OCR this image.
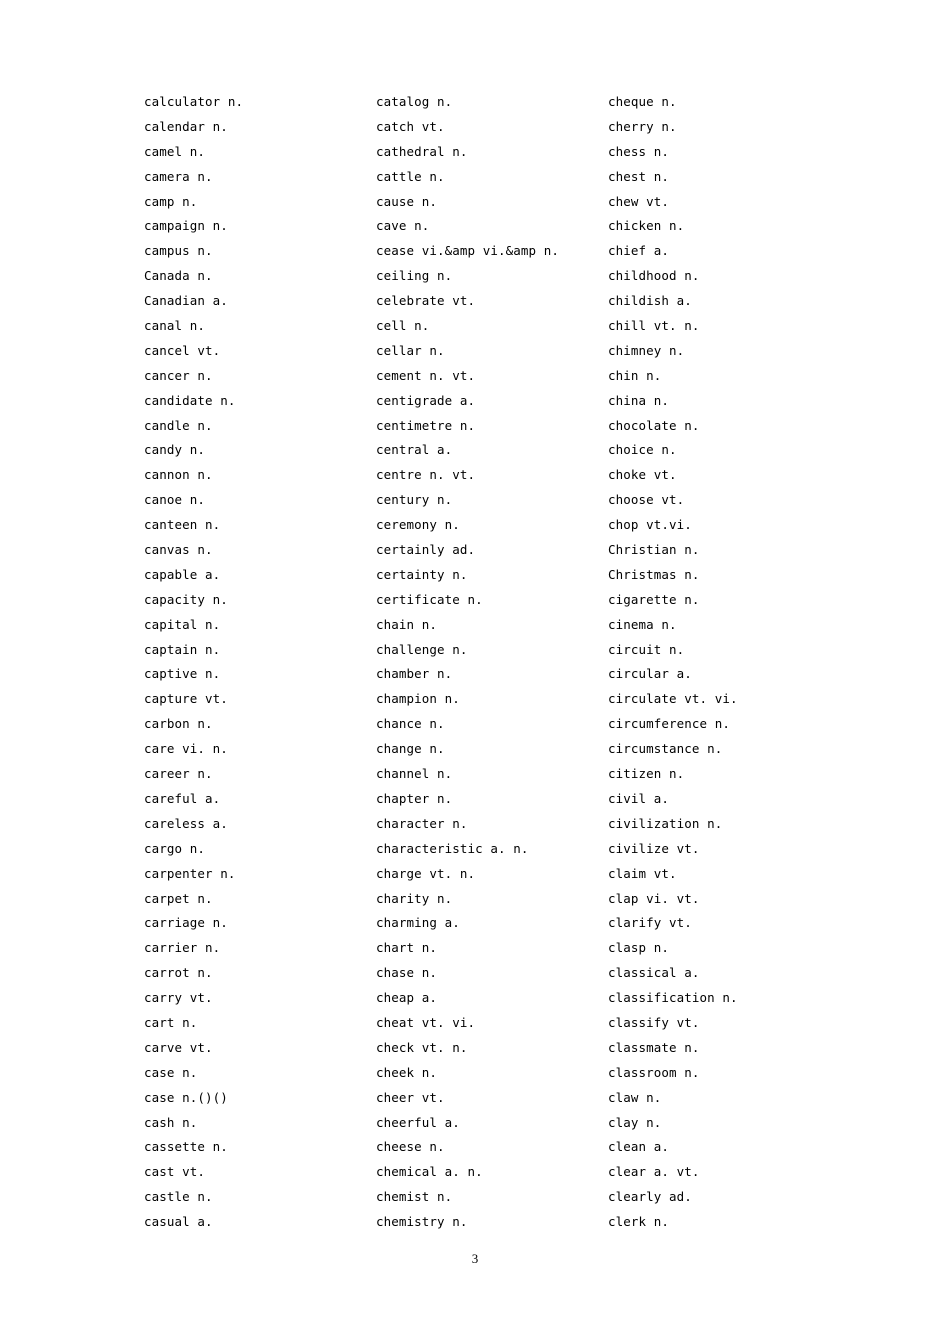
calculator n.
calendar n.
camel n.
camera n.
camp n.
campaign n.
campus n.
Canada n.
Canadian a.
canal n.
cancel vt.
cancer n.
candidate n.
candle n.
candy n.
cannon n.
canoe n.
canteen n.
canvas n.
capable a.
capacity n.
capital n.
captain n.
captive n.
capture vt.
carbon n.
care vi. n.
career n.
careful a.
careless a.
cargo n.
carpenter n.
carpet n.
carriage n.
carrier n.
carrot n.
carry vt.
cart n.
carve vt.
case n.
case n.()()
cash n.
cassette n.
cast vt.
castle n.
casual a.
catalog n.
catch vt.
cathedral n.
cattle n.
cause n.
cave n.
cease vi.&amp vi.&amp n.
ceiling n.
celebrate vt.
cell n.
cellar n.
cement n. vt.
centigrade a.
centimetre n.
central a.
centre n. vt.
century n.
ceremony n.
certainly ad.
certainty n.
certificate n.
chain n.
challenge n.
chamber n.
champion n.
chance n.
change n.
channel n.
chapter n.
character n.
characteristic a. n.
charge vt. n.
charity n.
charming a.
chart n.
chase n.
cheap a.
cheat vt. vi.
check vt. n.
cheek n.
cheer vt.
cheerful a.
cheese n.
chemical a. n.
chemist n.
chemistry n.
cheque n.
cherry n.
chess n.
chest n.
chew vt.
chicken n.
chief a.
childhood n.
childish a.
chill vt. n.
chimney n.
chin n.
china n.
chocolate n.
choice n.
choke vt.
choose vt.
chop vt.vi.
Christian n.
Christmas n.
cigarette n.
cinema n.
circuit n.
circular a.
circulate vt. vi.
circumference n.
circumstance n.
citizen n.
civil a.
civilization n.
civilize vt.
claim vt.
clap vi. vt.
clarify vt.
clasp n.
classical a.
classification n.
classify vt.
classmate n.
classroom n.
claw n.
clay n.
clean a.
clear a. vt.
clearly ad.
clerk n.
3
